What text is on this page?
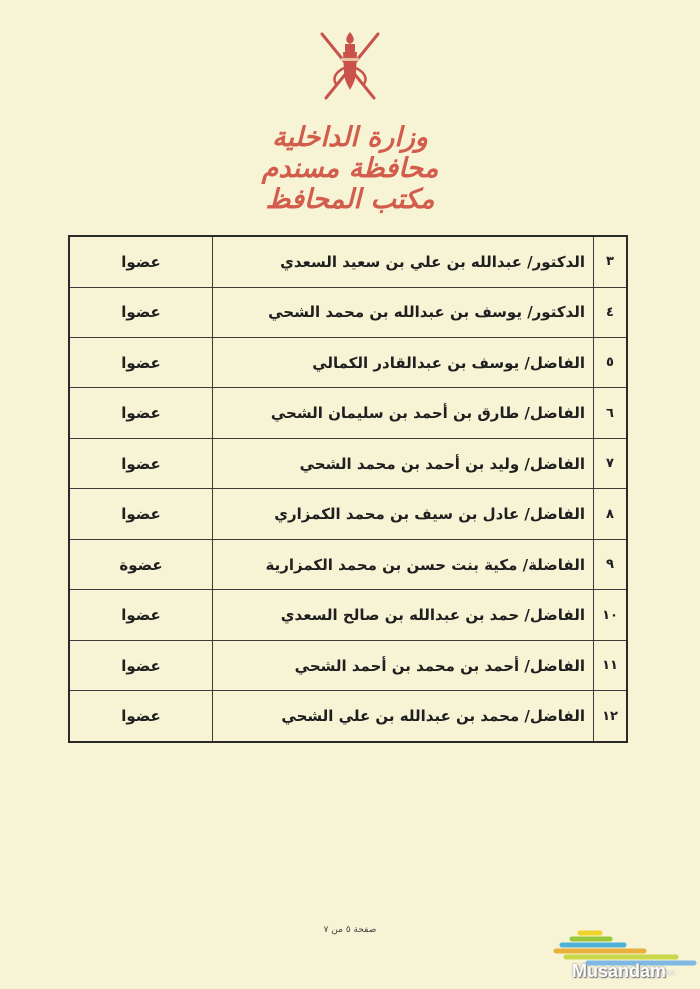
وزارة الداخلية
محافظة مسندم
مكتب المحافظ
٣	الدكتور/ عبدالله بن علي بن سعيد السعدي	عضوا
٤	الدكتور/ يوسف بن عبدالله بن محمد الشحي	عضوا
٥	الفاضل/ يوسف بن عبدالقادر الكمالي	عضوا
٦	الفاضل/ طارق بن أحمد بن سليمان الشحي	عضوا
٧	الفاضل/ وليد بن أحمد بن محمد الشحي	عضوا
٨	الفاضل/ عادل بن سيف بن محمد الكمزاري	عضوا
٩	الفاضلة/ مكية بنت حسن بن محمد الكمزارية	عضوة
١٠	الفاضل/ حمد بن عبدالله بن صالح السعدي	عضوا
١١	الفاضل/ أحمد بن محمد بن أحمد الشحي	عضوا
١٢	الفاضل/ محمد بن عبدالله بن علي الشحي	عضوا
صفحة ٥ من ٧
Musandam
.net
